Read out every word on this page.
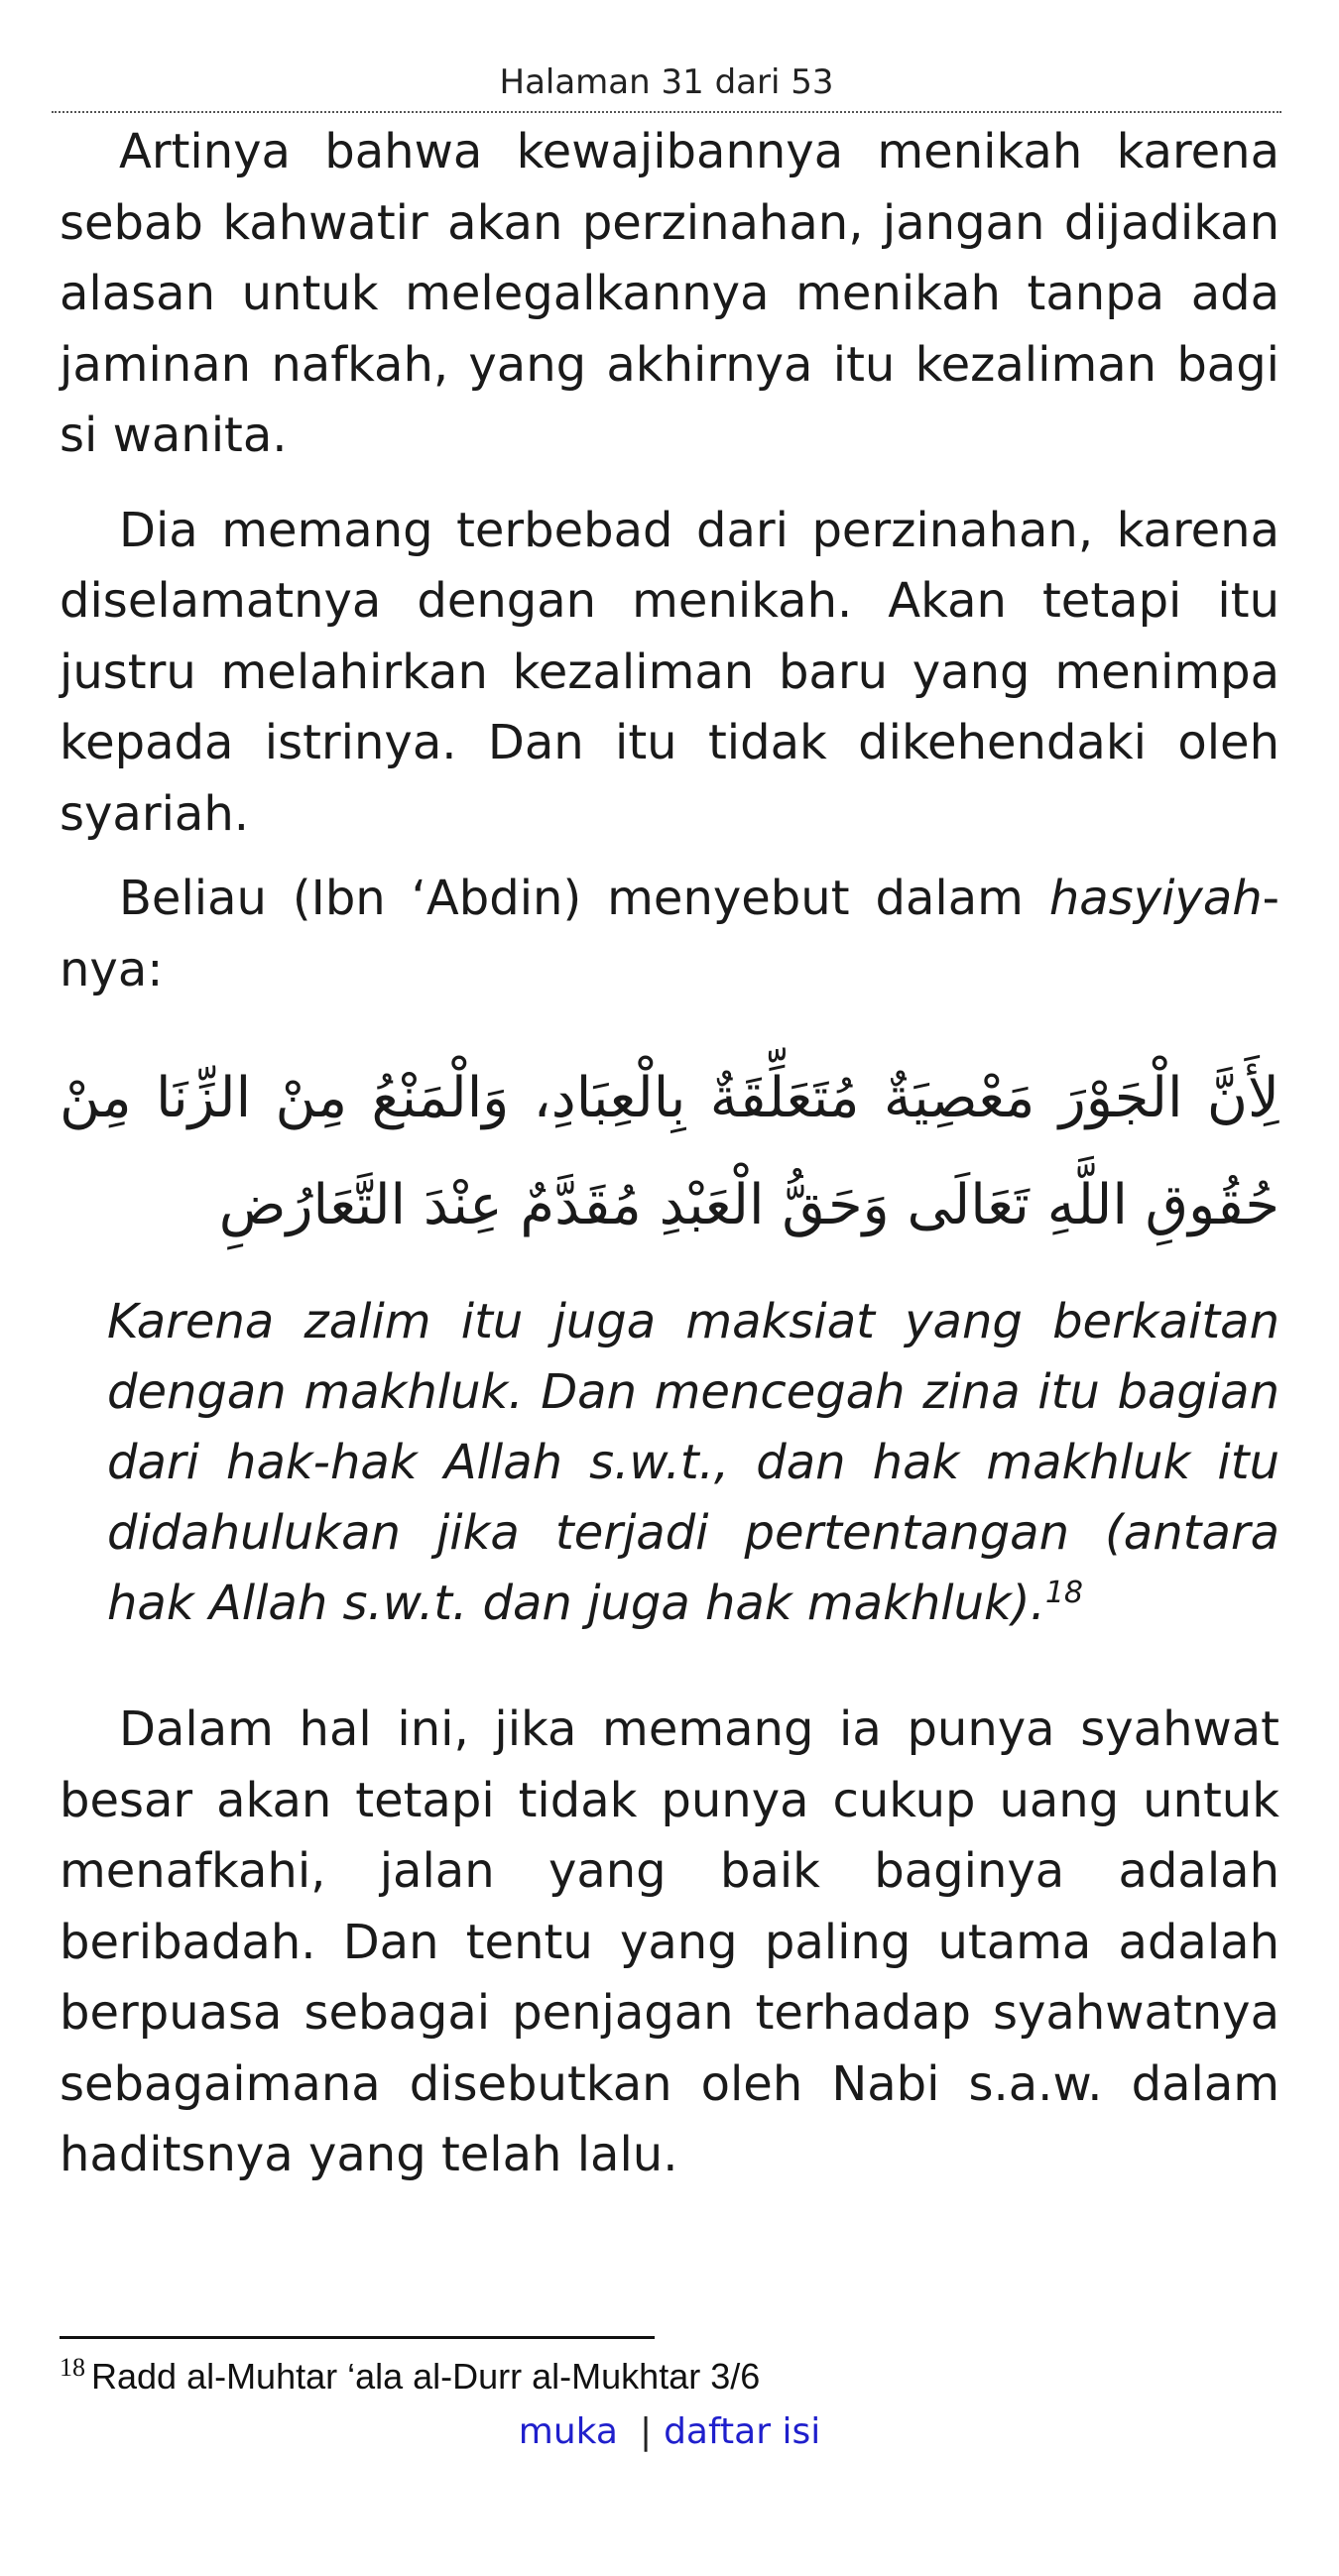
Halaman 31 dari 53

Artinya bahwa kewajibannya menikah karena sebab kahwatir akan perzinahan, jangan dijadikan alasan untuk melegalkannya menikah tanpa ada jaminan nafkah, yang akhirnya itu kezaliman bagi si wanita.

Dia memang terbebad dari perzinahan, karena diselamatnya dengan menikah. Akan tetapi itu justru melahirkan kezaliman baru yang menimpa kepada istrinya. Dan itu tidak dikehendaki oleh syariah.

Beliau (Ibn ‘Abdin) menyebut dalam hasyiyah-nya:

لِأَنَّ الْجَوْرَ مَعْصِيَةٌ مُتَعَلِّقَةٌ بِالْعِبَادِ، وَالْمَنْعُ مِنْ الزِّنَا مِنْ حُقُوقِ اللَّهِ تَعَالَى وَحَقُّ الْعَبْدِ مُقَدَّمٌ عِنْدَ التَّعَارُضِ
Karena zalim itu juga maksiat yang berkaitan dengan makhluk. Dan mencegah zina itu bagian dari hak-hak Allah s.w.t., dan hak makhluk itu didahulukan jika terjadi pertentangan (antara hak Allah s.w.t. dan juga hak makhluk).$^{18}$

Dalam hal ini, jika memang ia punya syahwat besar akan tetapi tidak punya cukup uang untuk menafkahi, jalan yang baik baginya adalah beribadah. Dan tentu yang paling utama adalah berpuasa sebagai penjagan terhadap syahwatnya sebagaimana disebutkan oleh Nabi s.a.w. dalam haditsnya yang telah lalu.

$^{18}$ Radd al-Muhtar ‘ala al-Durr al-Mukhtar 3/6
muka | daftar isi
